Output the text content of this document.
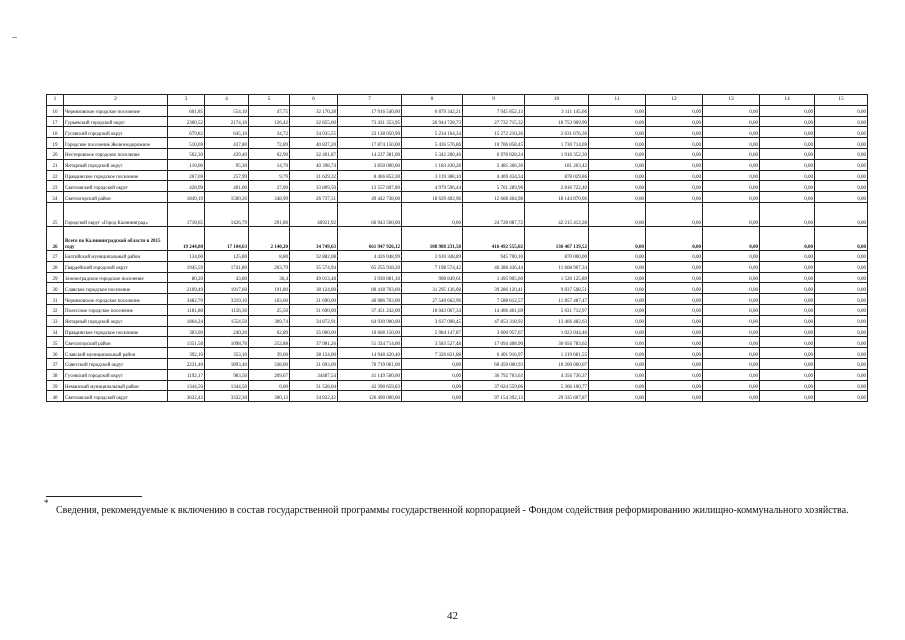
1	2	3	4	5	6	7	8	9	10	11	12	13	14	15
16	Черняховское городское поселение	601,85	554,10	47,75	32 170,28	17 916 540,00	6 879 342,21	7 945 852,13	3 111 145,66	0,00	0,00	0,00	0,00	0,00
17	Гурьевский городской округ	2300,52	2174,10	126,42	32 855,60	73 431 353,95	26 944 728,73	27 732 715,32	18 753 909,90	0,00	0,00	0,00	0,00	0,00
18	Гусевский городской округ	679,82	645,10	34,72	34 035,55	23 138 050,90	5 234 164,34	15 272 210,26	2 631 676,30	0,00	0,00	0,00	0,00	0,00
19	Городское поселение Железнодорожное	510,69	437,80	72,89	40 827,20	17 874 150,00	5 436 576,86	10 706 858,45	1 730 714,69	0,00	0,00	0,00	0,00	0,00
20	Нестеровское городское поселение	502,30	439,40	62,90	32 401,87	14 237 381,00	5 342 200,46	6 978 828,24	1 916 352,30	0,00	0,00	0,00	0,00	0,00
21	Янтарный городской округ	110,00	95,30	14,70	40 398,74	3 850 000,00	1 183 430,28	2 485 366,30	181 203,42	0,00	0,00	0,00	0,00	0,00
22	Правдинское городское поселение	267,69	257,99	9,79	31 629,32	8 466 852,30	3 119 388,10	4 469 434,34	878 029,86	0,00	0,00	0,00	0,00	0,00
23	Светловский городской округ	428,09	401,00	27,09	33 809,50	13 557 607,80	4 979 596,44	5 761 289,96	2 816 722,40	0,00	0,00	0,00	0,00	0,00
24	Светлогорский район	1849,19	1500,20	348,99	26 737,51	49 442 738,00	18 629 402,96	12 668 464,98	18 144 870,06	0,00	0,00	0,00	0,00	0,00
25	Городской округ «Город Калининград»	1718,65	1426,79	291,86	46921,92	66 943 500,00	0,00	24 728 087,72	42 215 412,28	0,00	0,00	0,00	0,00	0,00
26	Всего по Калининградской области в 2015 году	19 244,80	17 104,63	2 140,20	34 749,63	661 947 926,12	108 988 231,58	416 492 555,02	136 467 139,52	0,00	0,00	0,00	0,00	0,00
27	Балтийский муниципальный район	134,60	125,80	8,80	32 882,08	4 426 048,99	2 610 348,89	945 700,10	870 000,00	0,00	0,00	0,00	0,00	0,00
28	Гвардейский городской округ	1945,59	1741,80	203,79	35 574,94	65 255 918,20	7 198 574,42	46 388 436,44	11 668 907,34	0,00	0,00	0,00	0,00	0,00
29	Зеленоградское городское поселение	80,20	43,80	36,4	49 013,48	3 930 881,10	908 849,61	1 495 905,60	1 526 125,89	0,00	0,00	0,00	0,00	0,00
30	Славское городское поселение	2109,49	1917,60	191,80	38 124,00	80 418 763,60	31 295 136,68	39 286 120,41	9 837 508,51	0,00	0,00	0,00	0,00	0,00
31	Черняховское городское поселение	3482,70	3319,10	163,60	31 690,00	46 986 763,00	27 540 662,96	7 588 612,57	11 857 487,47	0,00	0,00	0,00	0,00	0,00
32	Полесское городское поселение	1181,80	1156,30	25,50	31 690,00	37 451 242,00	18 043 067,34	14 406 461,69	5 031 712,97	0,00	0,00	0,00	0,00	0,00
33	Янтарный городской округ	1864,24	1554,50	309,74	34 872,91	64 930 900,00	3 637 098,45	47 853 318,92	13 466 482,63	0,00	0,00	0,00	0,00	0,00
34	Правдинское городское поселение	303,09	240,20	62,89	35 000,00	10 608 150,00	5 984 147,87	3 600 957,67	1 023 044,46	0,00	0,00	0,00	0,00	0,00
35	Светлогорский район	1351,58	1098,70	252,88	37 981,26	51 334 714,00	3 583 527,48	17 094 408,90	30 656 783,62	0,00	0,00	0,00	0,00	0,00
36	Славский муниципальный район	392,10	353,10	39,00	38 124,00	14 948 420,40	7 326 821,88	6 401 916,97	1 219 681,55	0,00	0,00	0,00	0,00	0,00
37	Советский городской округ	2231,40	1893,40	338,00	31 693,09	70 719 061,00	0,00	60 459 000,93	10 260 060,07	0,00	0,00	0,00	0,00	0,00
38	Гусевский городской округ	1192,17	983,50	209,67	34487,54	41 149 500,00	0,00	36 792 763,63	4 356 736,37	0,00	0,00	0,00	0,00	0,00
39	Неманский муниципальный район	1344,50	1344,50	0,00	31 528,04	42 390 659,83	0,00	37 024 559,06	5 366 100,77	0,00	0,00	0,00	0,00	0,00
40	Светловский городской округ	3632,43	3332,30	300,13	34 822,42	126 490 000,00	0,00	97 154 392,13	29 335 607,87	0,00	0,00	0,00	0,00	0,00
*
Сведения, рекомендуемые к включению в состав государственной программы государственной корпорацией - Фондом содействия реформированию жилищно-коммунального хозяйства.
42
